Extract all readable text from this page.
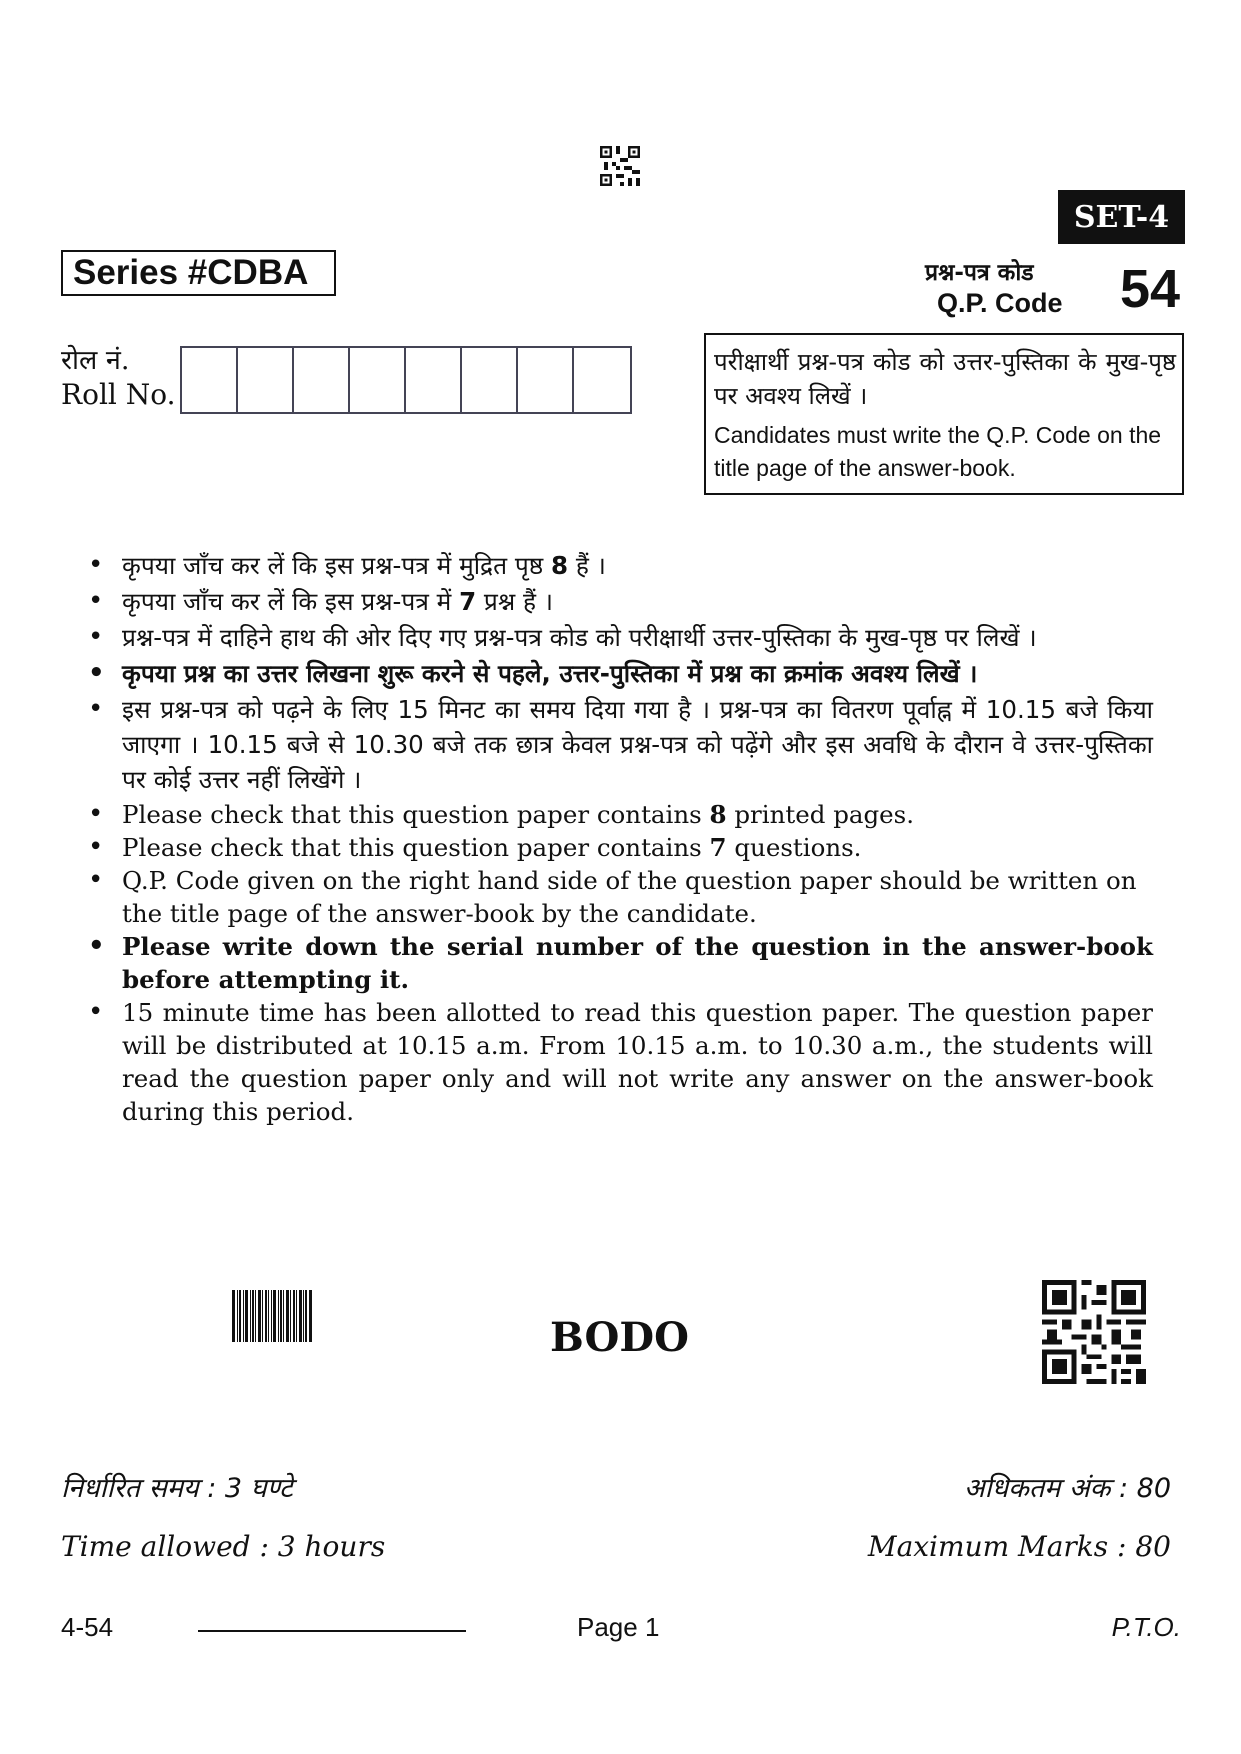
SET-4
Series #CDBA	प्रश्न-पत्र कोड
Q.P. Code 54
रोल नं.
Roll No.
परीक्षार्थी प्रश्न-पत्र कोड को उत्तर-पुस्तिका के मुख-पृष्ठ पर अवश्य लिखें ।
Candidates must write the Q.P. Code on the title page of the answer-book.
• कृपया जाँच कर लें कि इस प्रश्न-पत्र में मुद्रित पृष्ठ 8 हैं ।
• कृपया जाँच कर लें कि इस प्रश्न-पत्र में 7 प्रश्न हैं ।
• प्रश्न-पत्र में दाहिने हाथ की ओर दिए गए प्रश्न-पत्र कोड को परीक्षार्थी उत्तर-पुस्तिका के मुख-पृष्ठ पर लिखें ।
• कृपया प्रश्न का उत्तर लिखना शुरू करने से पहले, उत्तर-पुस्तिका में प्रश्न का क्रमांक अवश्य लिखें ।
• इस प्रश्न-पत्र को पढ़ने के लिए 15 मिनट का समय दिया गया है । प्रश्न-पत्र का वितरण पूर्वाह्न में 10.15 बजे किया जाएगा । 10.15 बजे से 10.30 बजे तक छात्र केवल प्रश्न-पत्र को पढ़ेंगे और इस अवधि के दौरान वे उत्तर-पुस्तिका पर कोई उत्तर नहीं लिखेंगे ।
• Please check that this question paper contains 8 printed pages.
• Please check that this question paper contains 7 questions.
• Q.P. Code given on the right hand side of the question paper should be written on the title page of the answer-book by the candidate.
• Please write down the serial number of the question in the answer-book before attempting it.
• 15 minute time has been allotted to read this question paper. The question paper will be distributed at 10.15 a.m. From 10.15 a.m. to 10.30 a.m., the students will read the question paper only and will not write any answer on the answer-book during this period.
BODO
निर्धारित समय : 3 घण्टे	अधिकतम अंक : 80
Time allowed : 3 hours	Maximum Marks : 80
4-54	Page 1	P.T.O.
